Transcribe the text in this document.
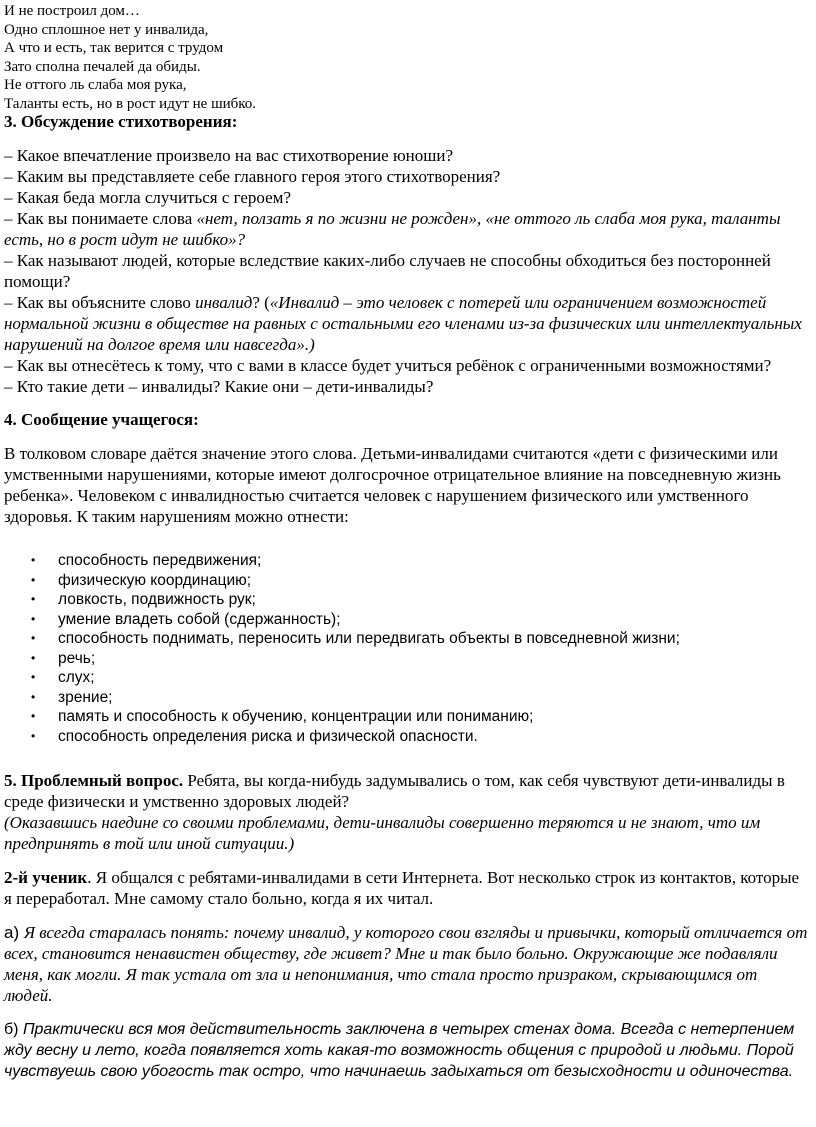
И не построил дом…
Одно сплошное нет у инвалида,
А что и есть, так верится с трудом
Зато сполна печалей да обиды.
Не оттого ль слаба моя рука,
Таланты есть, но в рост идут не шибко.
3. Обсуждение стихотворения:

– Какое впечатление произвело на вас стихотворение юноши?

– Каким вы представляете себе главного героя этого стихотворения?

– Какая беда могла случиться с героем?

– Как вы понимаете слова «нет, ползать я по жизни не рожден», «не оттого ль слаба моя рука, таланты есть, но в рост идут не шибко»?

– Как называют людей, которые вследствие каких-либо случаев не способны обходиться без посторонней помощи?

– Как вы объясните слово инвалид? («Инвалид – это человек с потерей или ограничением возможностей нормальной жизни в обществе на равных с остальными его членами из-за физических или интеллектуальных нарушений на долгое время или навсегда».)

– Как вы отнесётесь к тому, что с вами в классе будет учиться ребёнок с ограниченными возможностями?

– Кто такие дети – инвалиды? Какие они – дети-инвалиды?

4. Сообщение учащегося:

В толковом словаре даётся значение этого слова. Детьми-инвалидами считаются «дети с физическими или умственными нарушениями, которые имеют долгосрочное отрицательное влияние на повседневную жизнь ребенка». Человеком с инвалидностью считается человек с нарушением физического или умственного здоровья. К таким нарушениям можно отнести:

• способность передвижения;
• физическую координацию;
• ловкость, подвижность рук;
• умение владеть собой (сдержанность);
• способность поднимать, переносить или передвигать объекты в повседневной жизни;
• речь;
• слух;
• зрение;
• память и способность к обучению, концентрации или пониманию;
• способность определения риска и физической опасности.

5. Проблемный вопрос. Ребята, вы когда-нибудь задумывались о том, как себя чувствуют дети-инвалиды в среде физически и умственно здоровых людей?

(Оказавшись наедине со своими проблемами, дети-инвалиды совершенно теряются и не знают, что им предпринять в той или иной ситуации.)

2-й ученик. Я общался с ребятами-инвалидами в сети Интернета. Вот несколько строк из контактов, которые я переработал. Мне самому стало больно, когда я их читал.

а) Я всегда старалась понять: почему инвалид, у которого свои взгляды и привычки, который отличается от всех, становится ненавистен обществу, где живет? Мне и так было больно. Окружающие же подавляли меня, как могли. Я так устала от зла и непонимания, что стала просто призраком, скрывающимся от людей.

б) Практически вся моя действительность заключена в четырех стенах дома. Всегда с нетерпением жду весну и лето, когда появляется хоть какая-то возможность общения с природой и людьми. Порой чувствуешь свою убогость так остро, что начинаешь задыхаться от безысходности и одиночества.
